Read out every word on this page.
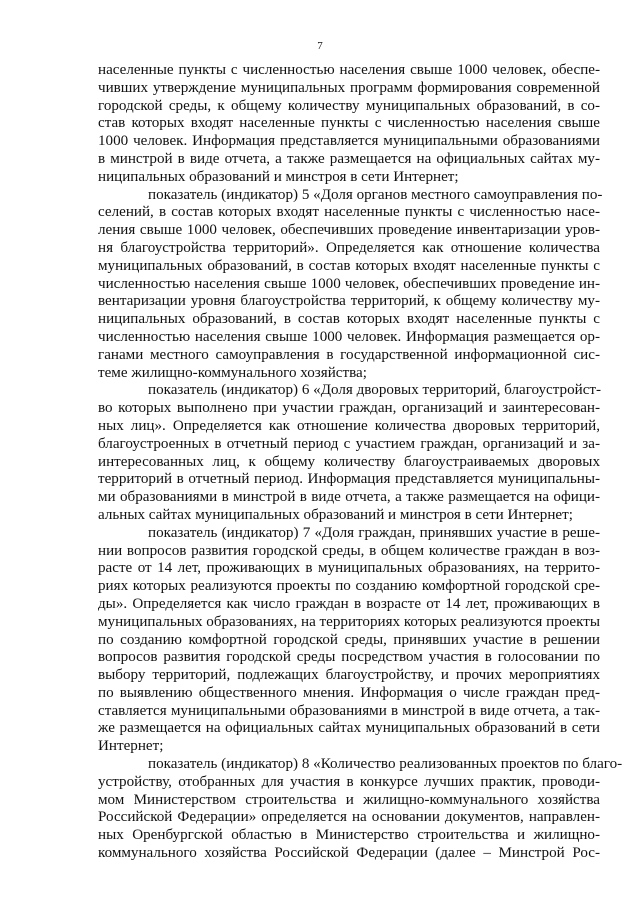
7
населенные пункты с численностью населения свыше 1000 человек, обеспе-
чивших утверждение муниципальных программ формирования современной
городской среды, к общему количеству муниципальных образований, в со-
став которых входят населенные пункты с численностью населения свыше
1000 человек. Информация представляется муниципальными образованиями
в минстрой в виде отчета, а также размещается на официальных сайтах му-
ниципальных образований и минстроя в сети Интернет;
показатель (индикатор) 5 «Доля органов местного самоуправления по-
селений, в состав которых входят населенные пункты с численностью насе-
ления свыше 1000 человек, обеспечивших проведение инвентаризации уров-
ня благоустройства территорий». Определяется как отношение количества
муниципальных образований, в состав которых входят населенные пункты с
численностью населения свыше 1000 человек, обеспечивших проведение ин-
вентаризации уровня благоустройства территорий, к общему количеству му-
ниципальных образований, в состав которых входят населенные пункты с
численностью населения свыше 1000 человек. Информация размещается ор-
ганами местного самоуправления в государственной информационной сис-
теме жилищно-коммунального хозяйства;
показатель (индикатор) 6 «Доля дворовых территорий, благоустройст-
во которых выполнено при участии граждан, организаций и заинтересован-
ных лиц». Определяется как отношение количества дворовых территорий,
благоустроенных в отчетный период с участием граждан, организаций и за-
интересованных лиц, к общему количеству благоустраиваемых дворовых
территорий в отчетный период. Информация представляется муниципальны-
ми образованиями в минстрой в виде отчета, а также размещается на офици-
альных сайтах муниципальных образований и минстроя в сети Интернет;
показатель (индикатор) 7 «Доля граждан, принявших участие в реше-
нии вопросов развития городской среды, в общем количестве граждан в воз-
расте от 14 лет, проживающих в муниципальных образованиях, на террито-
риях которых реализуются проекты по созданию комфортной городской сре-
ды». Определяется как число граждан в возрасте от 14 лет, проживающих в
муниципальных образованиях, на территориях которых реализуются проекты
по созданию комфортной городской среды, принявших участие в решении
вопросов развития городской среды посредством участия в голосовании по
выбору территорий, подлежащих благоустройству, и прочих мероприятиях
по выявлению общественного мнения. Информация о числе граждан пред-
ставляется муниципальными образованиями в минстрой в виде отчета, а так-
же размещается на официальных сайтах муниципальных образований в сети
Интернет;
показатель (индикатор) 8 «Количество реализованных проектов по благо-
устройству, отобранных для участия в конкурсе лучших практик, проводи-
мом Министерством строительства и жилищно-коммунального хозяйства
Российской Федерации» определяется на основании документов, направлен-
ных Оренбургской областью в Министерство строительства и жилищно-
коммунального хозяйства Российской Федерации (далее – Минстрой Рос-
